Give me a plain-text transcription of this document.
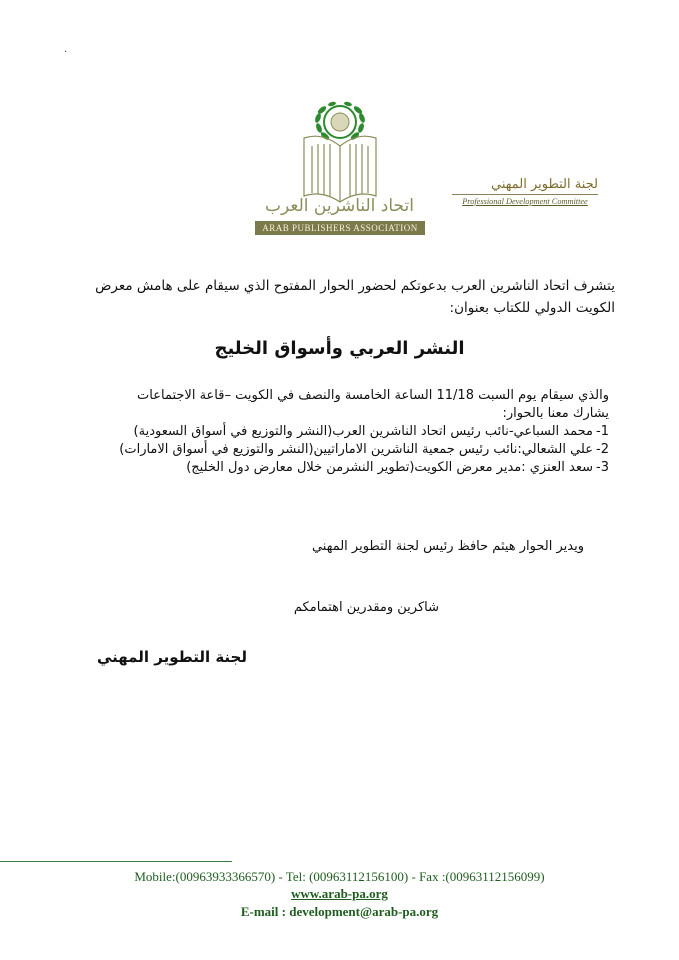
.
اتحاد الناشرين العرب
ARAB PUBLISHERS ASSOCIATION
لجنة التطوير المهني
Professional Development Committee
يتشرف اتحاد الناشرين العرب بدعوتكم لحضور الحوار المفتوح الذي سيقام على هامش معرض الكويت الدولي للكتاب بعنوان:
النشر العربي وأسواق الخليج
والذي سيقام يوم السبت 11/18 الساعة الخامسة والنصف في الكويت –قاعة الاجتماعات
يشارك معنا بالحوار:
محمد السباعي-نائب رئيس اتحاد الناشرين العرب(النشر والتوزيع في أسواق السعودية)
علي الشعالي:نائب رئيس جمعية الناشرين الاماراتيين(النشر والتوزيع في أسواق الامارات)
سعد العنزي :مدير معرض الكويت(تطوير النشرمن خلال معارض دول الخليج)
ويدير الحوار هيثم حافظ رئيس لجنة التطوير المهني
شاكرين ومقدرين اهتمامكم
لجنة التطوير المهني
Mobile:(00963933366570) - Tel: (00963112156100) - Fax :(00963112156099)
www.arab-pa.org
E-mail : development@arab-pa.org
